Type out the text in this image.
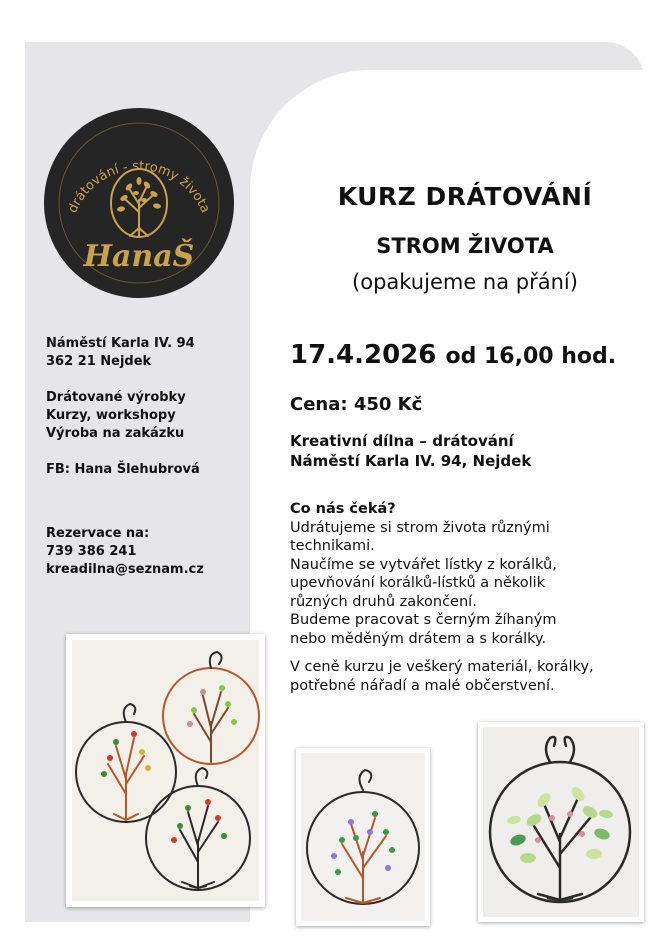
drátování - stromy života
HanaŠ
Náměstí Karla IV. 94
362 21 Nejdek
Drátované výrobky
Kurzy, workshopy
Výroba na zakázku
FB: Hana Šlehubrová
Rezervace na:
739 386 241
kreadilna@seznam.cz
KURZ DRÁTOVÁNÍ
STROM ŽIVOTA
(opakujeme na přání)
17.4.2026 od 16,00 hod.
Cena: 450 Kč
Kreativní dílna – drátování
Náměstí Karla IV. 94, Nejdek
Co nás čeká?
Udrátujeme si strom života různými
technikami.
Naučíme se vytvářet lístky z korálků,
upevňování korálků-lístků a několik
různých druhů zakončení.
Budeme pracovat s černým žíhaným
nebo měděným drátem a s korálky.
V ceně kurzu je veškerý materiál, korálky,
potřebné nářadí a malé občerstvení.
